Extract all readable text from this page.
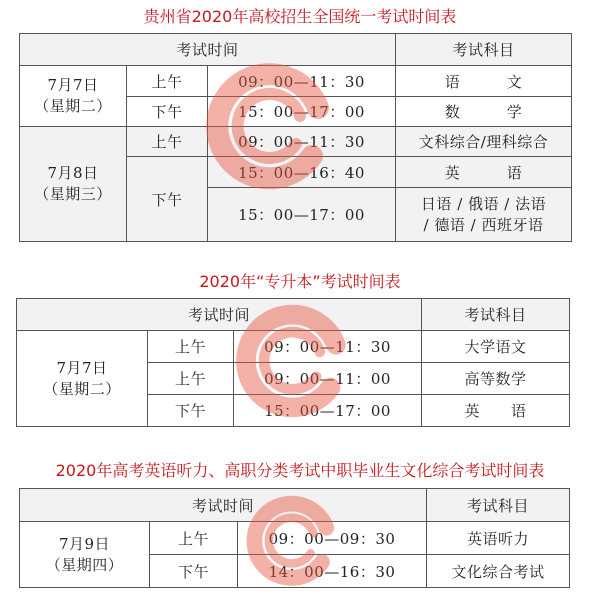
贵州省2020年高校招生全国统一考试时间表
考试时间			考试科目

7月7日
（星期二）	上午	09：00—11：30	语　　　文
	下午	15：00—17：00	数　　　学

7月8日
（星期三）	上午	09：00—11：30	文科综合/理科综合
	下午	15：00—16：40	英　　　语
		15：00—17：00	日语 / 俄语 / 法语
/ 德语 / 西班牙语
2020年“专升本”考试时间表
考试时间			考试科目

7月7日
（星期二）	上午	09：00—11：30	大学语文
	上午	09：00—11：00	高等数学
	下午	15：00—17：00	英　　语
2020年高考英语听力、高职分类考试中职毕业生文化综合考试时间表
考试时间			考试科目

7月9日
（星期四）	上午	09：00—09：30	英语听力
	下午	14：00—16：30	文化综合考试
